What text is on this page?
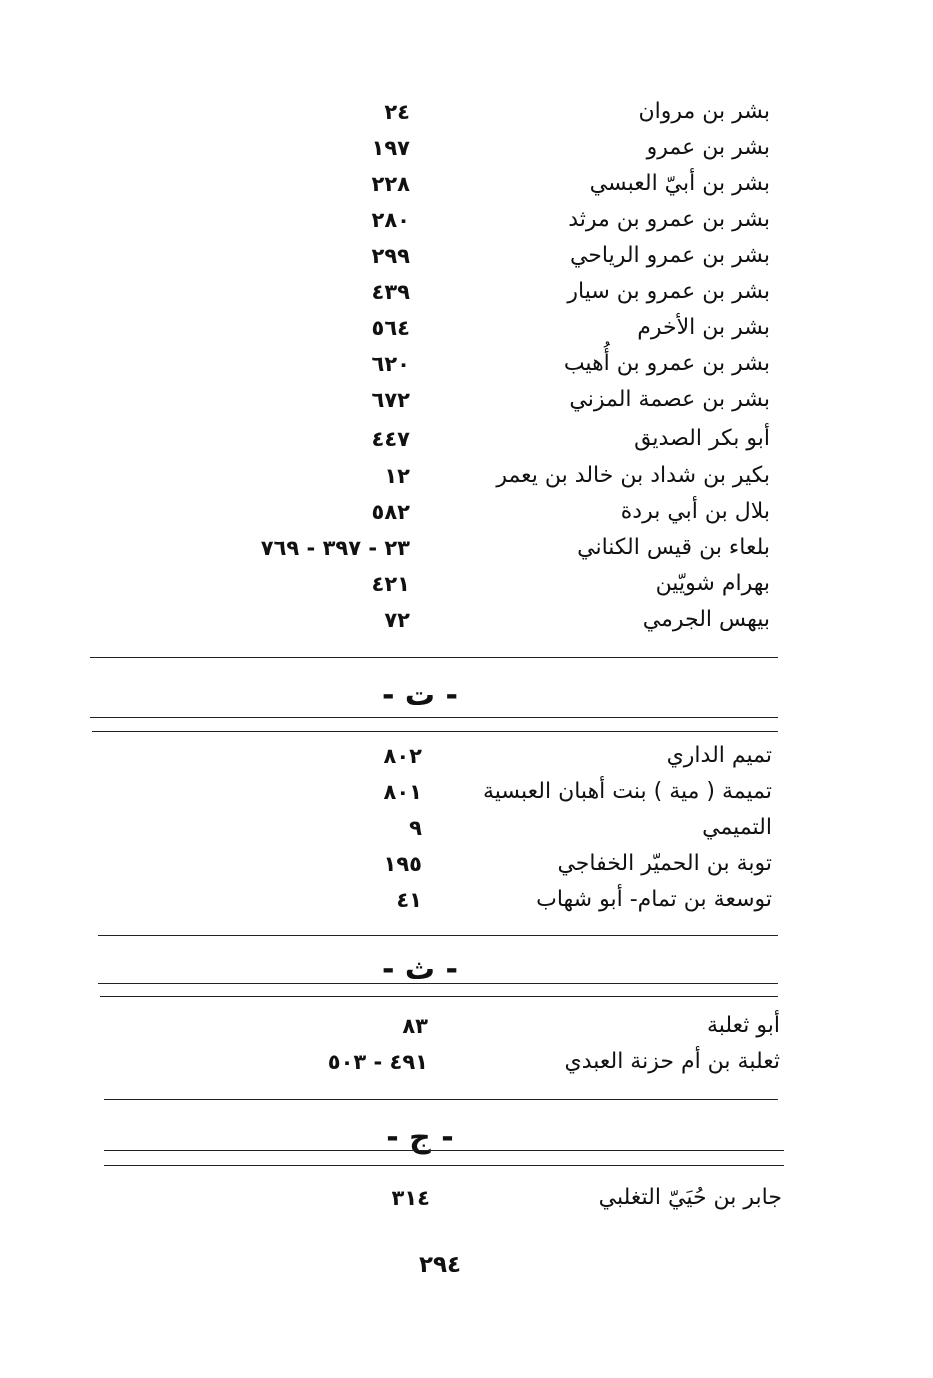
بشر بن مروان
٢٤
بشر بن عمرو
١٩٧
بشر بن أبيّ العبسي
٢٢٨
بشر بن عمرو بن مرثد
٢٨٠
بشر بن عمرو الرياحي
٢٩٩
بشر بن عمرو بن سيار
٤٣٩
بشر بن الأخرم
٥٦٤
بشر بن عمرو بن أُهيب
٦٢٠
بشر بن عصمة المزني
٦٧٢
أبو بكر الصديق
٤٤٧
بكير بن شداد بن خالد بن يعمر
١٢
بلال بن أبي بردة
٥٨٢
بلعاء بن قيس الكناني
٢٣ - ٣٩٧ - ٧٦٩
بهرام شويّين
٤٢١
بيهس الجرمي
٧٢
- ت -
تميم الداري
٨٠٢
تميمة ( مية ) بنت أهبان العبسية
٨٠١
التميمي
٩
توبة بن الحميّر الخفاجي
١٩٥
توسعة بن تمام- أبو شهاب
٤١
- ث -
أبو ثعلبة
٨٣
ثعلبة بن أم حزنة العبدي
٤٩١ - ٥٠٣
- ج -
جابر بن حُيَيّ التغلبي
٣١٤
٢٩٤
